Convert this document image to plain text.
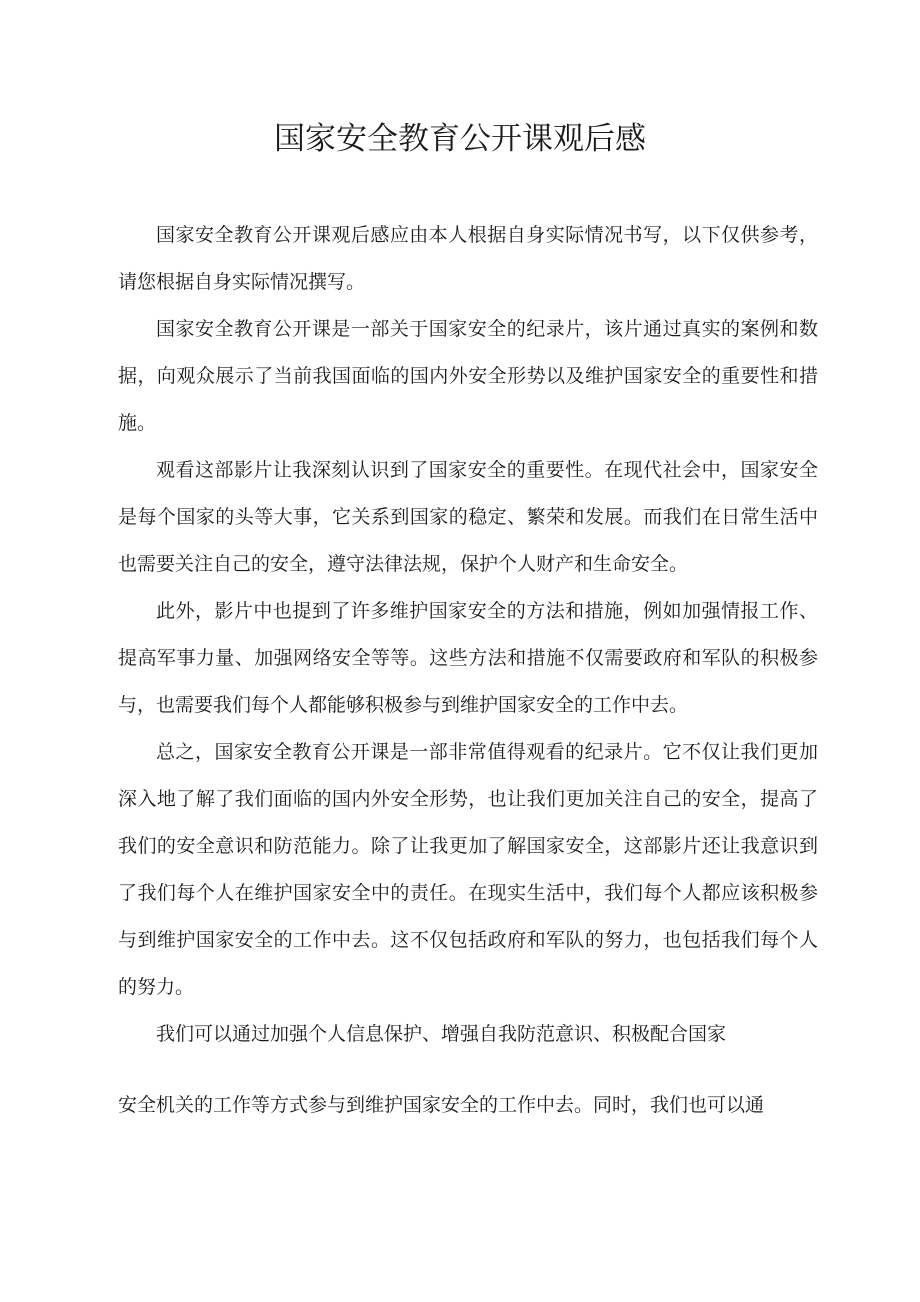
国家安全教育公开课观后感

国家安全教育公开课观后感应由本人根据自身实际情况书写，以下仅供参考，请您根据自身实际情况撰写。

国家安全教育公开课是一部关于国家安全的纪录片，该片通过真实的案例和数据，向观众展示了当前我国面临的国内外安全形势以及维护国家安全的重要性和措施。

观看这部影片让我深刻认识到了国家安全的重要性。在现代社会中，国家安全是每个国家的头等大事，它关系到国家的稳定、繁荣和发展。而我们在日常生活中也需要关注自己的安全，遵守法律法规，保护个人财产和生命安全。

此外，影片中也提到了许多维护国家安全的方法和措施，例如加强情报工作、提高军事力量、加强网络安全等等。这些方法和措施不仅需要政府和军队的积极参与，也需要我们每个人都能够积极参与到维护国家安全的工作中去。

总之，国家安全教育公开课是一部非常值得观看的纪录片。它不仅让我们更加深入地了解了我们面临的国内外安全形势，也让我们更加关注自己的安全，提高了我们的安全意识和防范能力。除了让我更加了解国家安全，这部影片还让我意识到了我们每个人在维护国家安全中的责任。在现实生活中，我们每个人都应该积极参与到维护国家安全的工作中去。这不仅包括政府和军队的努力，也包括我们每个人的努力。

我们可以通过加强个人信息保护、增强自我防范意识、积极配合国家

安全机关的工作等方式参与到维护国家安全的工作中去。同时，我们也可以通
